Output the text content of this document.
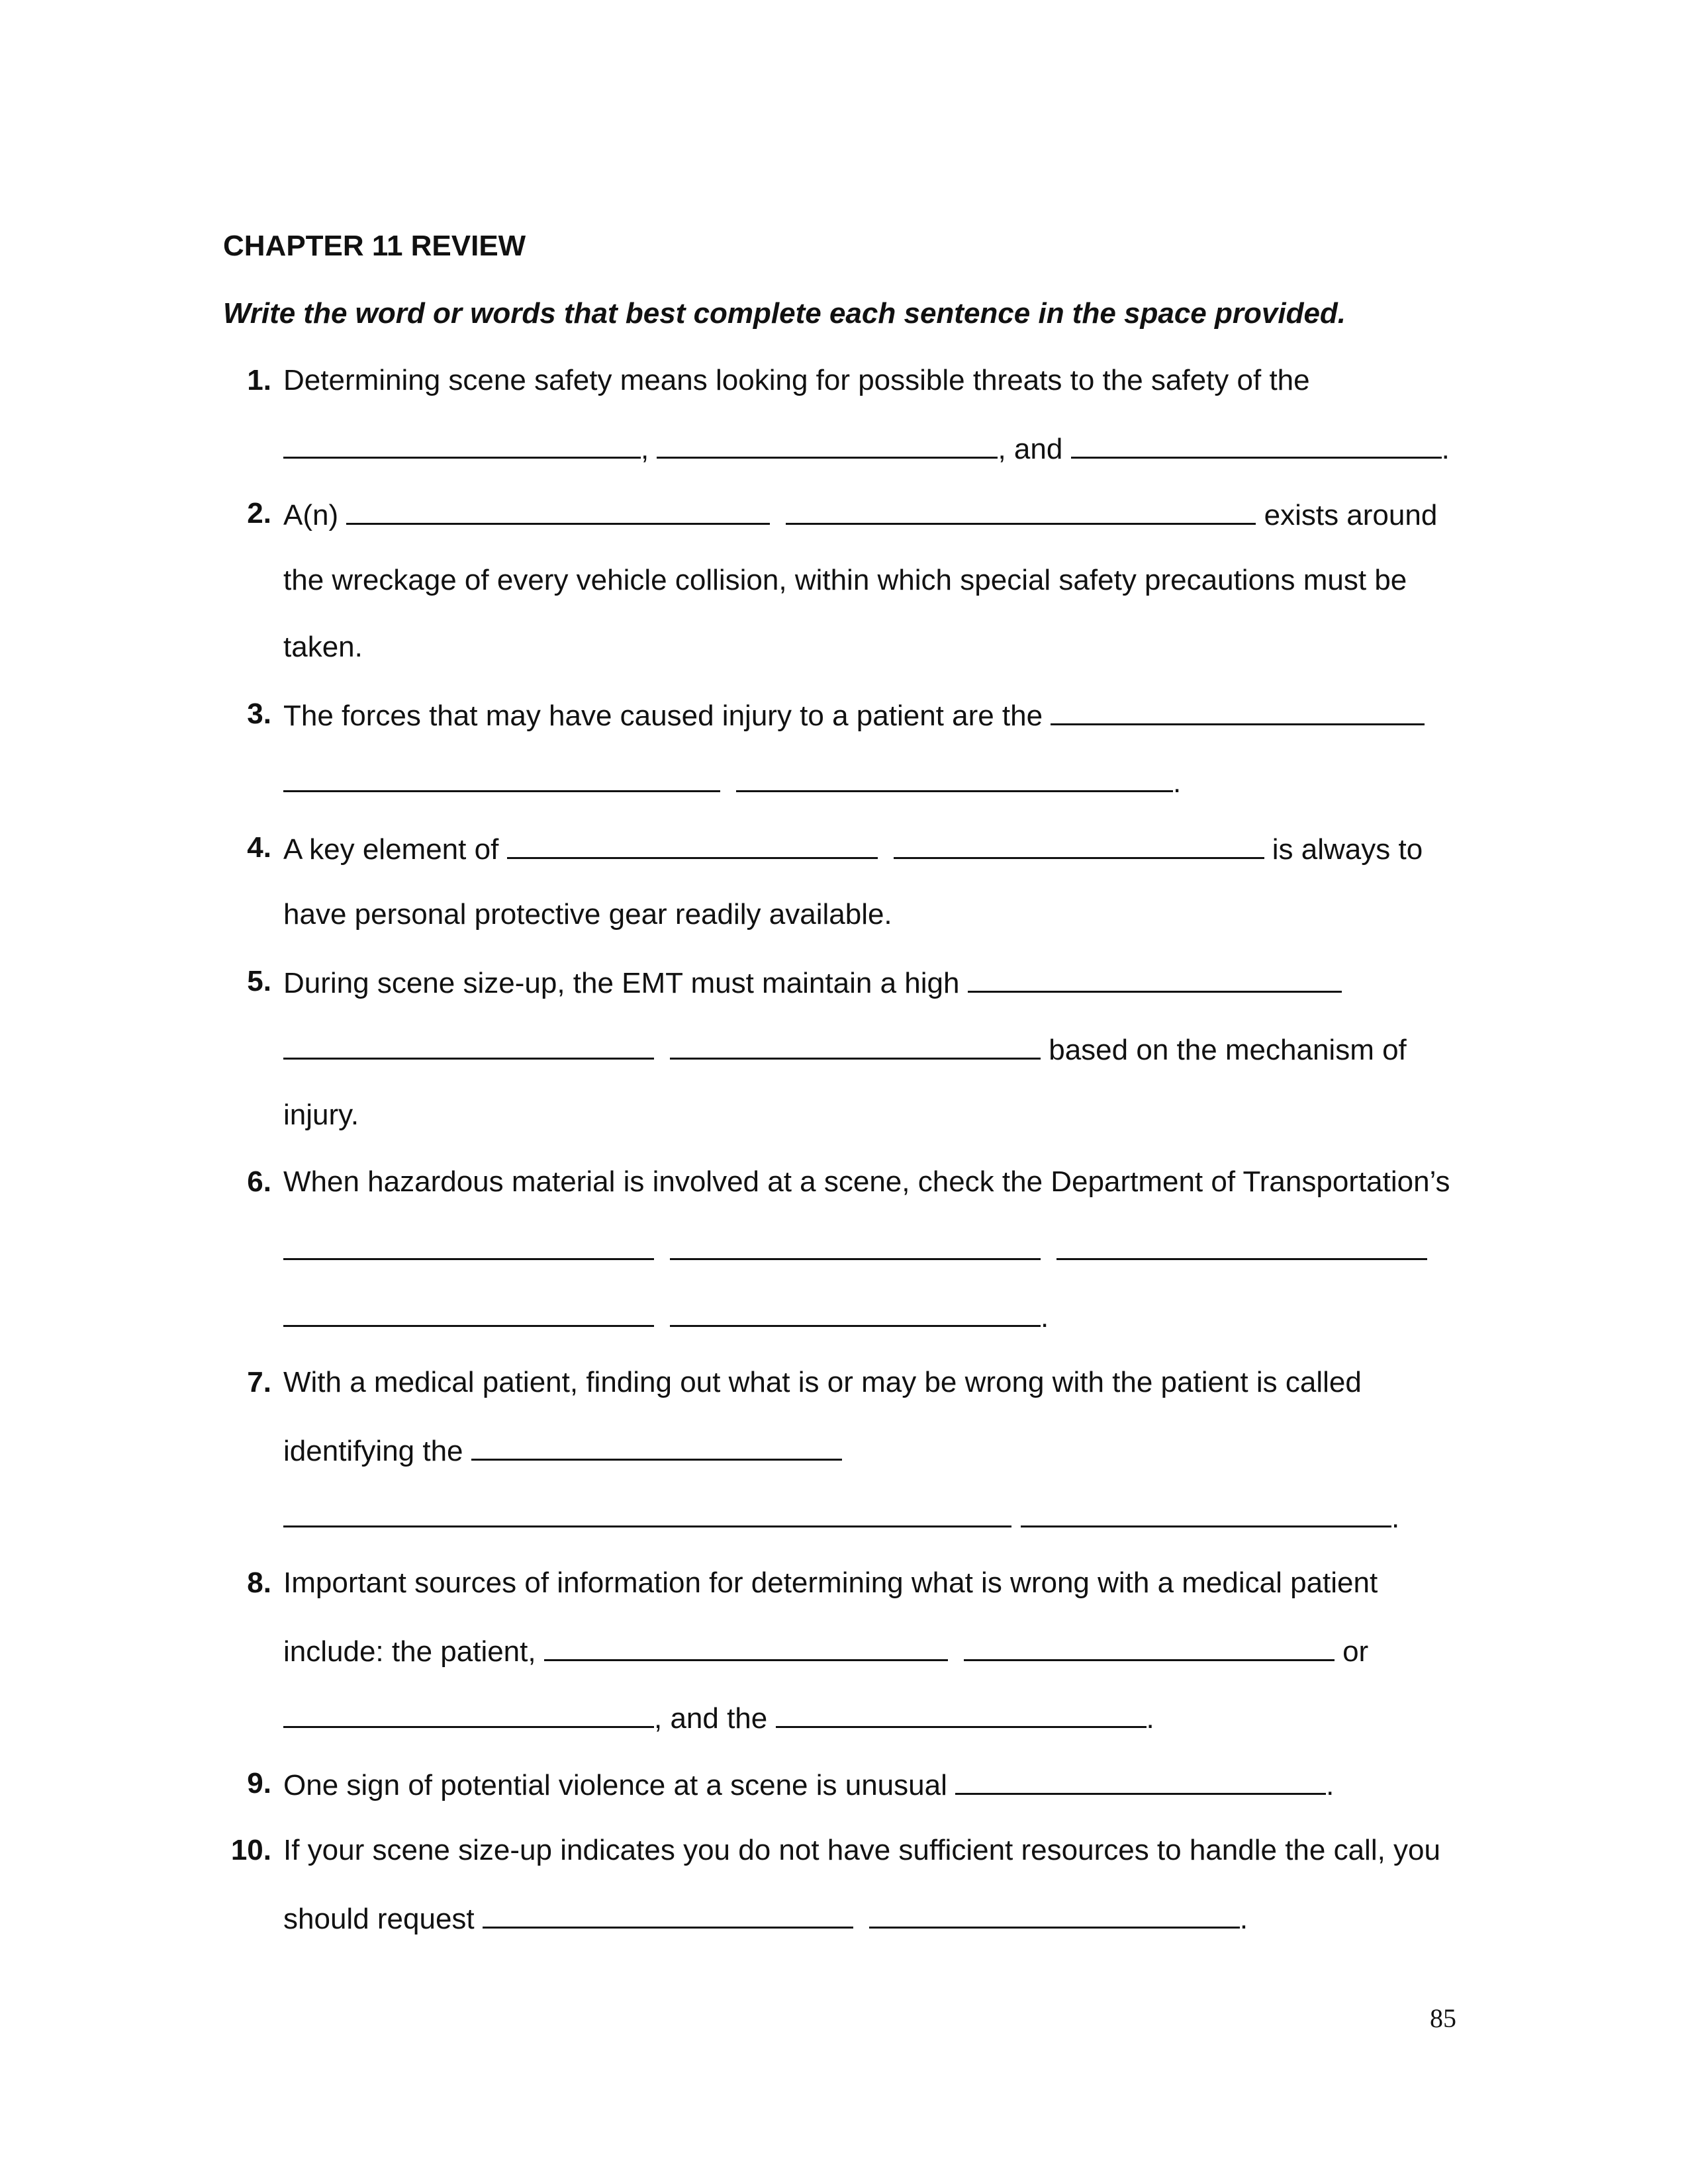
CHAPTER 11 REVIEW
Write the word or words that best complete each sentence in the space provided.
1. Determining scene safety means looking for possible threats to the safety of the
,	, and	.
2. A(n)	exists around
the wreckage of every vehicle collision, within which special safety precautions must be
taken.
3. The forces that may have caused injury to a patient are the
.
4. A key element of	is always to
have personal protective gear readily available.
5. During scene size-up, the EMT must maintain a high
based on the mechanism of
injury.
6. When hazardous material is involved at a scene, check the Department of Transportation’s
.
7. With a medical patient, finding out what is or may be wrong with the patient is called
identifying the
.
8. Important sources of information for determining what is wrong with a medical patient
include: the patient,	or
, and the	.
9. One sign of potential violence at a scene is unusual	.
10. If your scene size-up indicates you do not have sufficient resources to handle the call, you
should request	.
85
